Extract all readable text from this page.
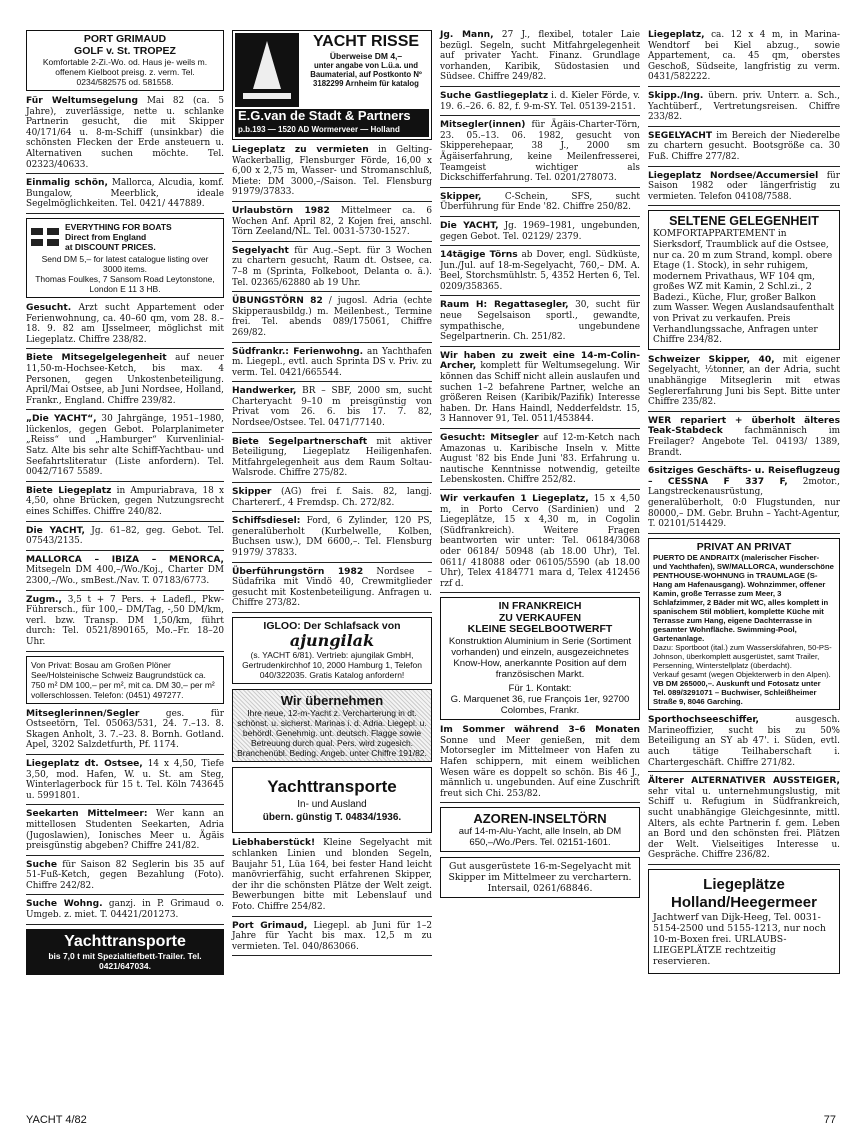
PORT GRIMAUD
GOLF v. St. TROPEZ
Komfortable 2-Zi.-Wo. od. Haus je- weils m. offenem Kielboot preisg. z. verm. Tel. 0234/582575 od. 581558.
Für Weltumsegelung Mai 82 (ca. 5 Jahre), zuverlässige, nette u. schlanke Partnerin gesucht, die mit Skipper 40/171/64 u. 8-m-Schiff (unsinkbar) die schönsten Flecken der Erde ansteuern u. Alternativen suchen möchte. Tel. 02323/40633.
Einmalig schön, Mallorca, Alcudia, komf. Bungalow, Meerblick, ideale Segelmöglichkeiten. Tel. 0421/ 447889.
EVERYTHING FOR BOATS
Direct from England
at DISCOUNT PRICES.
Send DM 5,– for latest catalogue listing over 3000 items.
Thomas Foulkes, 7 Sansom Road Leytonstone, London E 11 3 HB.
Gesucht. Arzt sucht Appartement oder Ferienwohnung, ca. 40–60 qm, vom 28. 8.–18. 9. 82 am IJsselmeer, möglichst mit Liegeplatz. Chiffre 238/82.
Biete Mitsegelgelegenheit auf neuer 11,50-m-Hochsee-Ketch, bis max. 4 Personen, gegen Unkostenbeteiligung. April/Mai Ostsee, ab Juni Nordsee, Holland, Frankr., England. Chiffre 239/82.
„Die YACHT“, 30 Jahrgänge, 1951–1980, lückenlos, gegen Gebot. Polarplanimeter „Reiss“ und „Hamburger“ Kurvenlinial-Satz. Alte bis sehr alte Schiff-Yachtbau- und Seefahrtsliteratur (Liste anfordern). Tel. 0042/7167 5589.
Biete Liegeplatz in Ampuriabrava, 18 x 4,50, ohne Brücken, gegen Nutzungsrecht eines Schiffes. Chiffre 240/82.
Die YACHT, Jg. 61–82, geg. Gebot. Tel. 07543/2135.
MALLORCA – IBIZA – MENORCA, Mitsegeln DM 400,–/Wo./Koj., Charter DM 2300,–/Wo., smBest./Nav. T. 07183/6773.
Zugm., 3,5 t + 7 Pers. + Ladefl., Pkw-Führersch., für 100,– DM/Tag, -,50 DM/km, verl. bzw. Transp. DM 1,50/km, führt durch: Tel. 0521/890165, Mo.–Fr. 18–20 Uhr.
Von Privat: Bosau am Großen Plöner See/Holsteinische Schweiz Baugrundstück ca. 750 m² DM 100,– per m², mit ca. DM 30,– per m² vollerschlossen. Telefon: (0451) 497277.
Mitseglerinnen/Segler ges. für Ostseetörn, Tel. 05063/531, 24. 7.–13. 8. Skagen Anholt, 3. 7.–23. 8. Bornh. Gotland. Apel, 3202 Salzdetfurth, Pf. 1174.
Liegeplatz dt. Ostsee, 14 x 4,50, Tiefe 3,50, mod. Hafen, W. u. St. am Steg, Winterlagerbock für 15 t. Tel. Köln 743645 u. 5991801.
Seekarten Mittelmeer: Wer kann an mittellosen Studenten Seekarten, Adria (Jugoslawien), Ionisches Meer u. Ägäis preisgünstig abgeben? Chiffre 241/82.
Suche für Saison 82 Seglerin bis 35 auf 51-Fuß-Ketch, gegen Bezahlung (Foto). Chiffre 242/82.
Suche Wohng. ganzj. in P. Grimaud o. Umgeb. z. miet. T. 04421/201273.
Yachttransporte
bis 7,0 t mit Spezialtiefbett-Trailer. Tel. 0421/647034.
YACHT RISSE
Überweise DM 4,–
unter angabe von L.ü.a. und Baumaterial, auf Postkonto Nº 3182299 Arnheim für katalog
E.G.van de Stadt & Partners
p.b.193 — 1520 AD Wormerveer — Holland
Liegeplatz zu vermieten in Gelting-Wackerballig, Flensburger Förde, 16,00 x 6,00 x 2,75 m, Wasser- und Stromanschluß, Miete: DM 3000,–/Saison. Tel. Flensburg 91979/37833.
Urlaubstörn 1982 Mittelmeer ca. 6 Wochen Anf. April 82, 2 Kojen frei, anschl. Törn Zeeland/NL. Tel. 0031-5730-1527.
Segelyacht für Aug.–Sept. für 3 Wochen zu chartern gesucht, Raum dt. Ostsee, ca. 7–8 m (Sprinta, Folkeboot, Delanta o. ä.). Tel. 02365/62880 ab 19 Uhr.
ÜBUNGSTÖRN 82 / jugosl. Adria (echte Skipperausbildg.) m. Meilenbest., Termine frei. Tel. abends 089/175061, Chiffre 269/82.
Südfrankr.: Ferienwohng. an Yachthafen m. Liegepl., evtl. auch Sprinta DS v. Priv. zu verm. Tel. 0421/665544.
Handwerker, BR – SBF, 2000 sm, sucht Charteryacht 9–10 m preisgünstig von Privat vom 26. 6. bis 17. 7. 82, Nordsee/Ostsee. Tel. 0471/77140.
Biete Segelpartnerschaft mit aktiver Beteiligung, Liegeplatz Heiligenhafen. Mitfahrgelegenheit aus dem Raum Soltau-Walsrode. Chiffre 275/82.
Skipper (AG) frei f. Sais. 82, langj. Chartererf., 4 Fremdsp. Ch. 272/82.
Schiffsdiesel: Ford, 6 Zylinder, 120 PS, generalüberholt (Kurbelwelle, Kolben, Buchsen usw.), DM 6600,–. Tel. Flensburg 91979/ 37833.
Überführungstörn 1982 Nordsee – Südafrika mit Vindö 40, Crewmitglieder gesucht mit Kostenbeteiligung. Anfragen u. Chiffre 273/82.
IGLOO: Der Schlafsack von
ajungilak
(s. YACHT 6/81). Vertrieb: ajungilak GmbH, Gertrudenkirchhof 10, 2000 Hamburg 1, Telefon 040/322035. Gratis Katalog anfordern!
Wir übernehmen
Ihre neue, 12-m-Yacht z. Vercharterung in dt. schönst. u. sicherst. Marinas i. d. Adria. Liegepl. u. behördl. Genehmig. unt. deutsch. Flagge sowie Betreuung durch qual. Pers. wird zugesich. Branchenübl. Beding. Angeb. unter Chiffre 191/82.
Yachttransporte
In- und Ausland
übern. günstig T. 04834/1936.
Liebhaberstück! Kleine Segelyacht mit schlanken Linien und blonden Segeln, Baujahr 51, Lüa 164, bei fester Hand leicht manövrierfähig, sucht erfahrenen Skipper, der ihr die schönsten Plätze der Welt zeigt. Bewerbungen bitte mit Lebenslauf und Foto. Chiffre 254/82.
Port Grimaud, Liegepl. ab Juni für 1–2 Jahre für Yacht bis max. 12,5 m zu vermieten. Tel. 040/863066.
Jg. Mann, 27 J., flexibel, totaler Laie bezügl. Segeln, sucht Mitfahrgelegenheit auf privater Yacht. Finanz. Grundlage vorhanden, Karibik, Südostasien und Südsee. Chiffre 249/82.
Suche Gastliegeplatz i. d. Kieler Förde, v. 19. 6.–26. 6. 82, f. 9-m-SY. Tel. 05139-2151.
Mitsegler(innen) für Ägäis-Charter-Törn, 23. 05.–13. 06. 1982, gesucht von Skipperehepaar, 38 J., 2000 sm Ägäiserfahrung, keine Meilenfresserei, Teamgeist wichtiger als Dickschifferfahrung. Tel. 0201/278073.
Skipper, C-Schein, SFS, sucht Überführung für Ende '82. Chiffre 250/82.
Die YACHT, Jg. 1969–1981, ungebunden, gegen Gebot. Tel. 02129/ 2379.
14tägige Törns ab Dover, engl. Südküste, Jun./Jul. auf 18-m-Segelyacht, 760,– DM. A. Beel, Storchsmühlstr. 5, 4352 Herten 6, Tel. 0209/358365.
Raum H: Regattasegler, 30, sucht für neue Segelsaison sportl., gewandte, sympathische, ungebundene Segelpartnerin. Ch. 251/82.
Wir haben zu zweit eine 14-m-Colin-Archer, komplett für Weltumsegelung. Wir können das Schiff nicht allein auslaufen und suchen 1–2 befahrene Partner, welche an größeren Reisen (Karibik/Pazifik) Interesse haben. Dr. Hans Haindl, Nedderfeldstr. 15, 3 Hannover 91, Tel. 0511/453844.
Gesucht: Mitsegler auf 12-m-Ketch nach Amazonas u. Karibische Inseln v. Mitte August '82 bis Ende Juni '83. Erfahrung u. nautische Kenntnisse notwendig, geteilte Lebenskosten. Chiffre 252/82.
Wir verkaufen 1 Liegeplatz, 15 x 4,50 m, in Porto Cervo (Sardinien) und 2 Liegeplätze, 15 x 4,30 m, in Cogolin (Südfrankreich). Weitere Fragen beantworten wir unter: Tel. 06184/3068 oder 06184/ 50948 (ab 18.00 Uhr), Tel. 0611/ 418088 oder 06105/5590 (ab 18.00 Uhr), Telex 4184771 mara d, Telex 412456 rzf d.
IN FRANKREICH
ZU VERKAUFEN
KLEINE SEGELBOOTWERFT
Konstruktion Aluminium in Serie (Sortiment vorhanden) und einzeln, ausgezeichnetes Know-How, anerkannte Position auf dem französischen Markt.
Für 1. Kontakt:
G. Marquenet 36, rue François 1er, 92700 Colombes, Frankr.
Im Sommer während 3–6 Monaten Sonne und Meer genießen, mit dem Motorsegler im Mittelmeer von Hafen zu Hafen schippern, mit einem weiblichen Wesen wäre es doppelt so schön. Bis 46 J., männlich u. ungebunden. Auf eine Zuschrift freut sich Chi. 253/82.
AZOREN-INSELTÖRN
auf 14-m-Alu-Yacht, alle Inseln, ab DM 650,–/Wo./Pers. Tel. 02151-1601.
Gut ausgerüstete 16-m-Segelyacht mit Skipper im Mittelmeer zu verchartern. Intersail, 0261/68846.
Liegeplatz, ca. 12 x 4 m, in Marina-Wendtorf bei Kiel abzug., sowie Appartement, ca. 45 qm, oberstes Geschoß, Südseite, langfristig zu verm. 0431/582222.
Skipp./Ing. übern. priv. Unterr. a. Sch., Yachtüberf., Vertretungsreisen. Chiffre 233/82.
SEGELYACHT im Bereich der Niederelbe zu chartern gesucht. Bootsgröße ca. 30 Fuß. Chiffre 277/82.
Liegeplatz Nordsee/Accumersiel für Saison 1982 oder längerfristig zu vermieten. Telefon 04108/7588.
SELTENE GELEGENHEIT
KOMFORTAPPARTEMENT in Sierksdorf, Traumblick auf die Ostsee, nur ca. 20 m zum Strand, kompl. obere Etage (1. Stock), in sehr ruhigem, modernem Privathaus, WF 104 qm, großes WZ mit Kamin, 2 Schl.zi., 2 Badezi., Küche, Flur, großer Balkon zum Wasser. Wegen Auslandsaufenthalt von Privat zu verkaufen. Preis Verhandlungssache, Anfragen unter Chiffre 234/82.
Schweizer Skipper, 40, mit eigener Segelyacht, ½tonner, an der Adria, sucht unabhängige Mitseglerin mit etwas Seglererfahrung Juni bis Sept. Bitte unter Chiffre 235/82.
WER repariert + überholt älteres Teak-Stabdeck fachmännisch im Freilager? Angebote Tel. 04193/ 1389, Brandt.
6sitziges Geschäfts- u. Reiseflugzeug – CESSNA F 337 F, 2motor., Langstreckenausrüstung, generalüberholt, 0:0 Flugstunden, nur 80000,– DM. Gebr. Bruhn – Yacht-Agentur, T. 02101/514429.
PRIVAT AN PRIVAT
PUERTO DE ANDRAITX (malerischer Fischer- und Yachthafen), SW/MALLORCA, wunderschöne PENTHOUSE-WOHNUNG in TRAUMLAGE (S-Hang am Hafenausgang). Wohnzimmer, offener Kamin, große Terrasse zum Meer, 3 Schlafzimmer, 2 Bäder mit WC, alles komplett in spanischem Stil möbliert, komplette Küche mit Terrasse zum Hang, eigene Dachterrasse in gesamter Wohnfläche. Swimming-Pool, Gartenanlage.
Dazu: Sportboot (ital.) zum Wasserskifahren, 50-PS-Johnson, überkomplett ausgerüstet, samt Trailer, Persenning, Winterstellplatz (überdacht).
Verkauf gesamt (wegen Objekterwerb in den Alpen).
VB DM 265000,–. Auskunft und Fotosatz unter Tel. 089/3291071 – Buchwiser, Schleißheimer Straße 9, 8046 Garching.
Sporthochseeschiffer, ausgesch. Marineoffizier, sucht bis zu 50% Beteiligung an SY ab 47'. i. Süden, evtl. auch tätige Teilhaberschaft i. Chartergeschäft. Chiffre 271/82.
Älterer ALTERNATIVER AUSSTEIGER, sehr vital u. unternehmungslustig, mit Schiff u. Refugium in Südfrankreich, sucht unabhängige Gleichgesinnte, mittl. Alters, als echte Partnerin f. gem. Leben an Bord und den schönsten frei. Plätzen der Welt. Vielseitiges Interesse u. Gespräche. Chiffre 236/82.
Liegeplätze
Holland/Heegermeer
Jachtwerf van Dijk-Heeg, Tel. 0031-5154-2500 und 5155-1213, nur noch 10-m-Boxen frei. URLAUBS-LIEGEPLÄTZE rechtzeitig reservieren.
YACHT 4/82	77
